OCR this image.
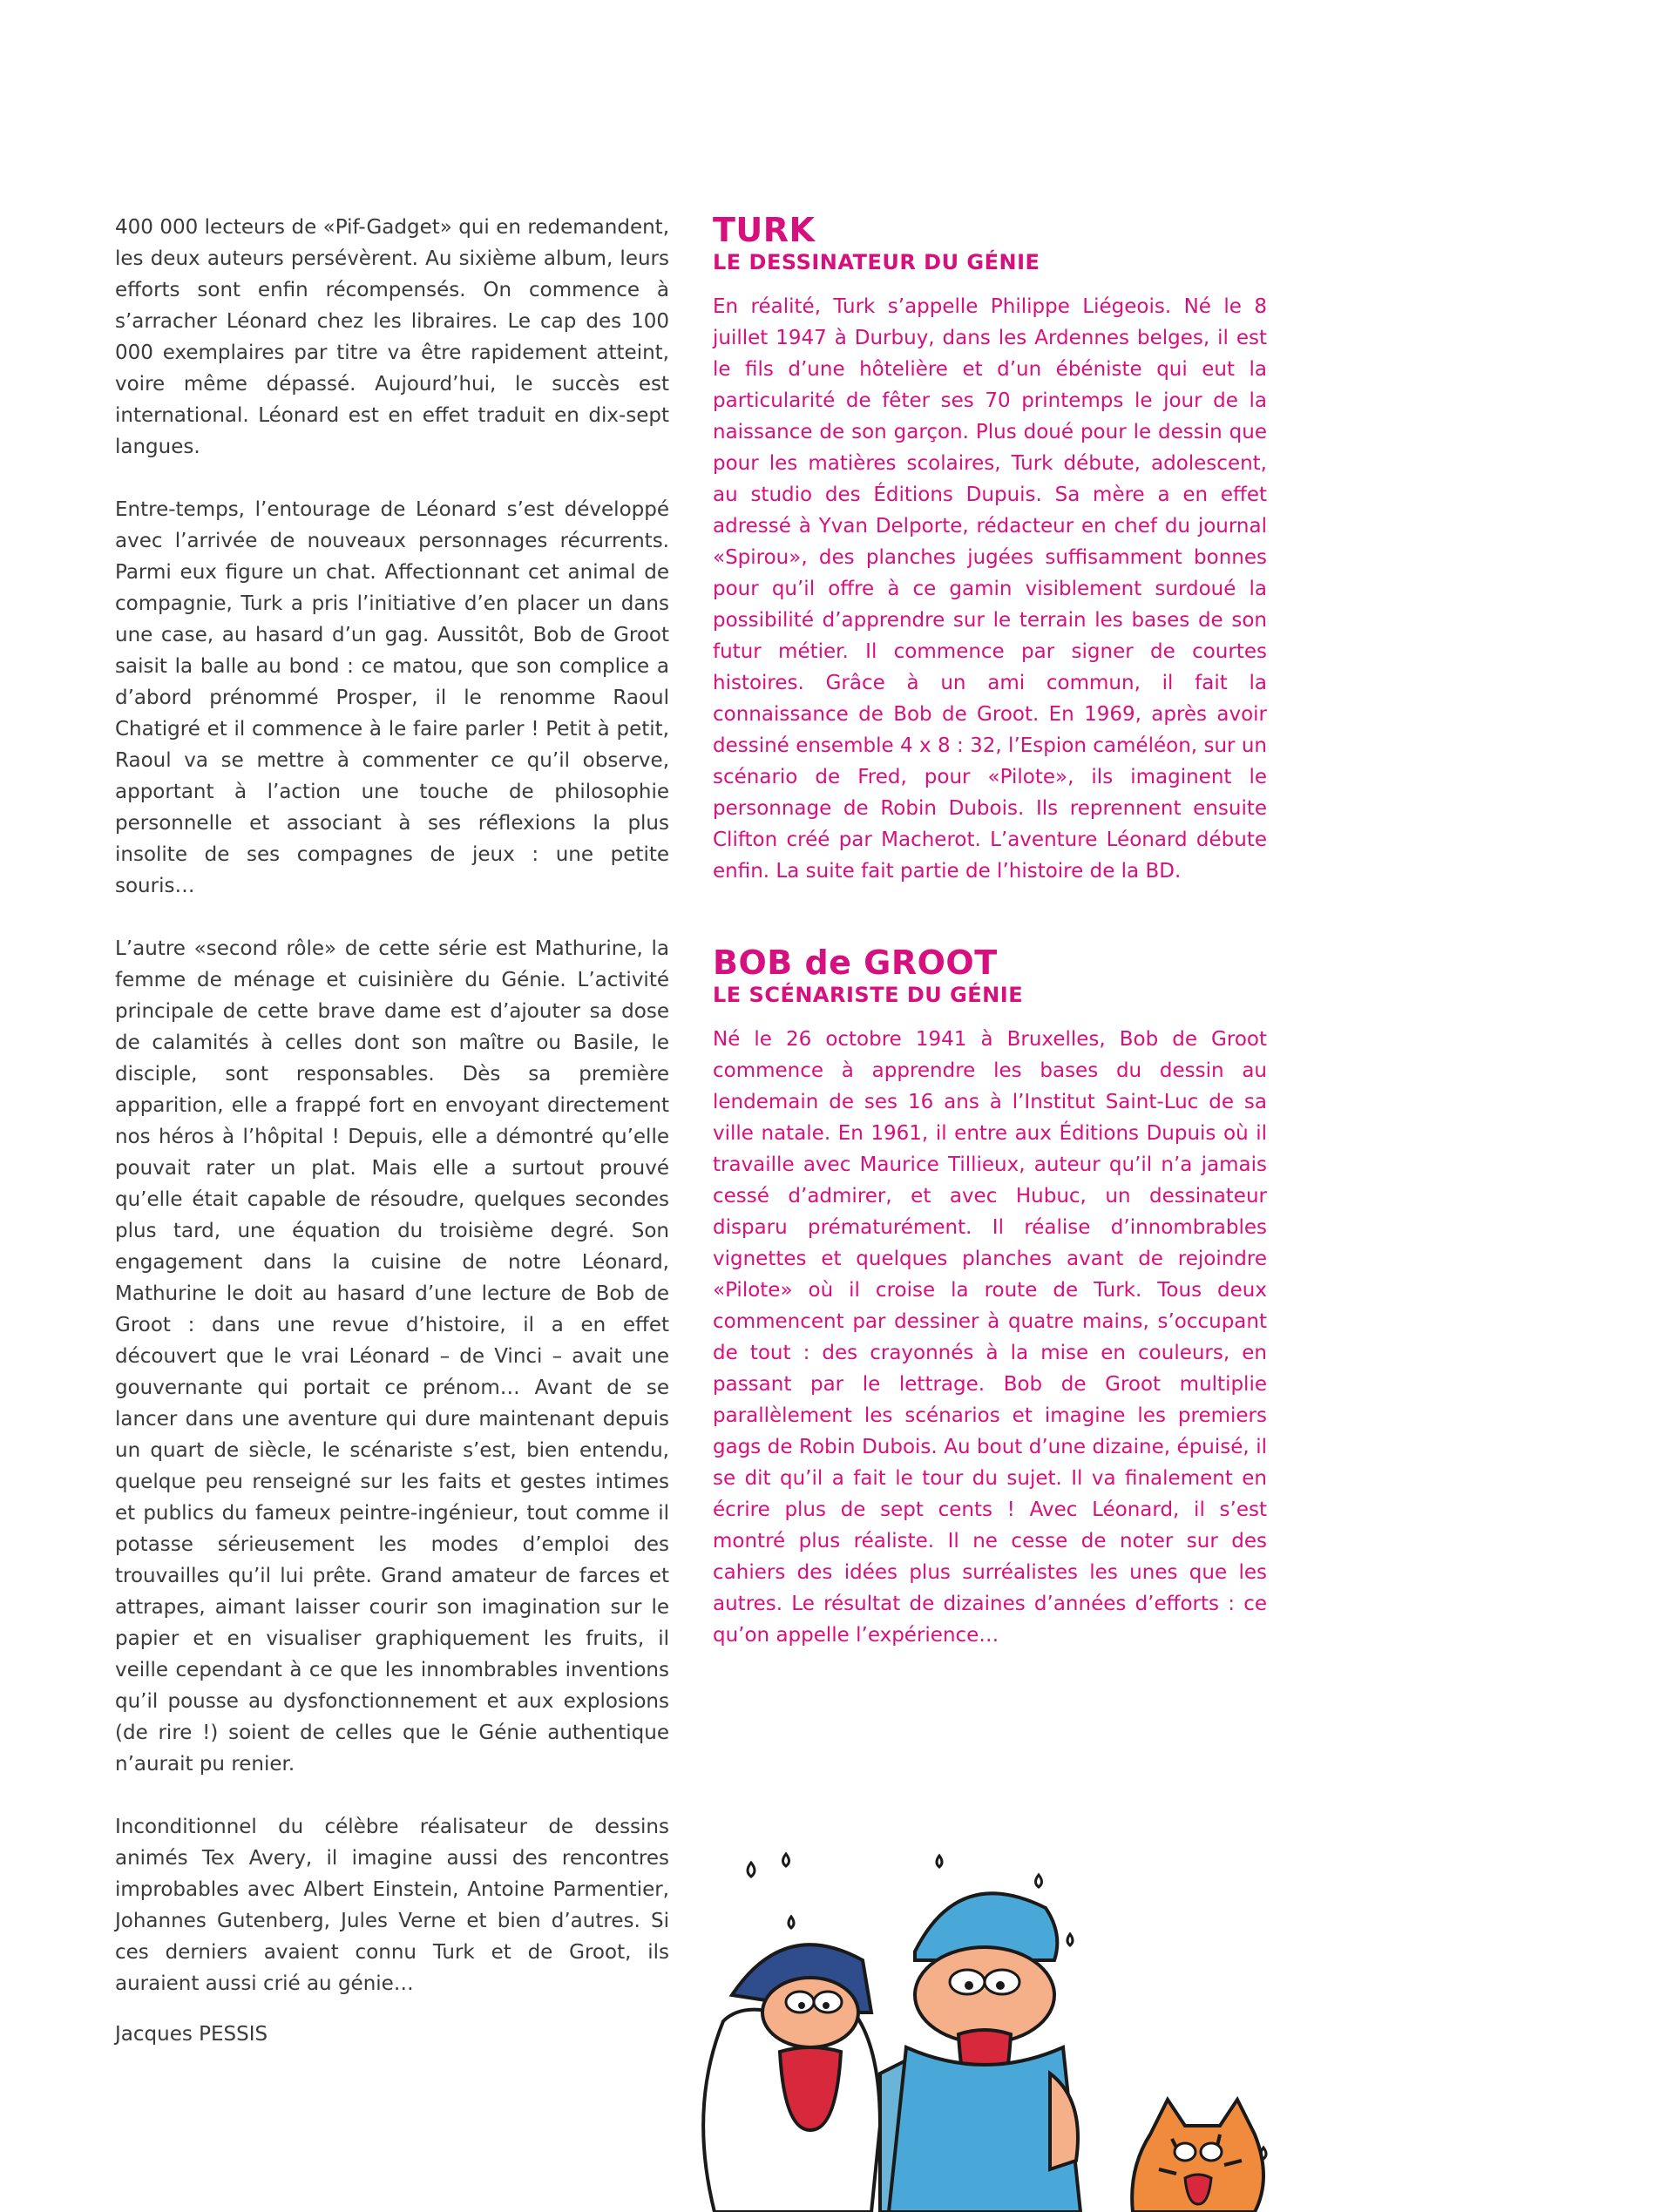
400 000 lecteurs de «Pif-Gadget» qui en redemandent, les deux auteurs persévèrent. Au sixième album, leurs efforts sont enfin récompensés. On commence à s’arracher Léonard chez les libraires. Le cap des 100 000 exemplaires par titre va être rapidement atteint, voire même dépassé. Aujourd’hui, le succès est international. Léonard est en effet traduit en dix-sept langues.

Entre-temps, l’entourage de Léonard s’est développé avec l’arrivée de nouveaux personnages récurrents. Parmi eux figure un chat. Affectionnant cet animal de compagnie, Turk a pris l’initiative d’en placer un dans une case, au hasard d’un gag. Aussitôt, Bob de Groot saisit la balle au bond : ce matou, que son complice a d’abord prénommé Prosper, il le renomme Raoul Chatigré et il commence à le faire parler ! Petit à petit, Raoul va se mettre à commenter ce qu’il observe, apportant à l’action une touche de philosophie personnelle et associant à ses réflexions la plus insolite de ses compagnes de jeux : une petite souris…

L’autre «second rôle» de cette série est Mathurine, la femme de ménage et cuisinière du Génie. L’activité principale de cette brave dame est d’ajouter sa dose de calamités à celles dont son maître ou Basile, le disciple, sont responsables. Dès sa première apparition, elle a frappé fort en envoyant directement nos héros à l’hôpital ! Depuis, elle a démontré qu’elle pouvait rater un plat. Mais elle a surtout prouvé qu’elle était capable de résoudre, quelques secondes plus tard, une équation du troisième degré. Son engagement dans la cuisine de notre Léonard, Mathurine le doit au hasard d’une lecture de Bob de Groot : dans une revue d’histoire, il a en effet découvert que le vrai Léonard – de Vinci – avait une gouvernante qui portait ce prénom… Avant de se lancer dans une aventure qui dure maintenant depuis un quart de siècle, le scénariste s’est, bien entendu, quelque peu renseigné sur les faits et gestes intimes et publics du fameux peintre-ingénieur, tout comme il potasse sérieusement les modes d’emploi des trouvailles qu’il lui prête. Grand amateur de farces et attrapes, aimant laisser courir son imagination sur le papier et en visualiser graphiquement les fruits, il veille cependant à ce que les innombrables inventions qu’il pousse au dysfonctionnement et aux explosions (de rire !) soient de celles que le Génie authentique n’aurait pu renier.

Inconditionnel du célèbre réalisateur de dessins animés Tex Avery, il imagine aussi des rencontres improbables avec Albert Einstein, Antoine Parmentier, Johannes Gutenberg, Jules Verne et bien d’autres. Si ces derniers avaient connu Turk et de Groot, ils auraient aussi crié au génie…

Jacques PESSIS

TURK
LE DESSINATEUR DU GÉNIE

En réalité, Turk s’appelle Philippe Liégeois. Né le 8 juillet 1947 à Durbuy, dans les Ardennes belges, il est le fils d’une hôtelière et d’un ébéniste qui eut la particularité de fêter ses 70 printemps le jour de la naissance de son garçon. Plus doué pour le dessin que pour les matières scolaires, Turk débute, adolescent, au studio des Éditions Dupuis. Sa mère a en effet adressé à Yvan Delporte, rédacteur en chef du journal «Spirou», des planches jugées suffisamment bonnes pour qu’il offre à ce gamin visiblement surdoué la possibilité d’apprendre sur le terrain les bases de son futur métier. Il commence par signer de courtes histoires. Grâce à un ami commun, il fait la connaissance de Bob de Groot. En 1969, après avoir dessiné ensemble 4 x 8 : 32, l’Espion caméléon, sur un scénario de Fred, pour «Pilote», ils imaginent le personnage de Robin Dubois. Ils reprennent ensuite Clifton créé par Macherot. L’aventure Léonard débute enfin. La suite fait partie de l’histoire de la BD.

BOB de GROOT
LE SCÉNARISTE DU GÉNIE

Né le 26 octobre 1941 à Bruxelles, Bob de Groot commence à apprendre les bases du dessin au lendemain de ses 16 ans à l’Institut Saint-Luc de sa ville natale. En 1961, il entre aux Éditions Dupuis où il travaille avec Maurice Tillieux, auteur qu’il n’a jamais cessé d’admirer, et avec Hubuc, un dessinateur disparu prématurément. Il réalise d’innombrables vignettes et quelques planches avant de rejoindre «Pilote» où il croise la route de Turk. Tous deux commencent par dessiner à quatre mains, s’occupant de tout : des crayonnés à la mise en couleurs, en passant par le lettrage. Bob de Groot multiplie parallèlement les scénarios et imagine les premiers gags de Robin Dubois. Au bout d’une dizaine, épuisé, il se dit qu’il a fait le tour du sujet. Il va finalement en écrire plus de sept cents ! Avec Léonard, il s’est montré plus réaliste. Il ne cesse de noter sur des cahiers des idées plus surréalistes les unes que les autres. Le résultat de dizaines d’années d’efforts : ce qu’on appelle l’expérience…
